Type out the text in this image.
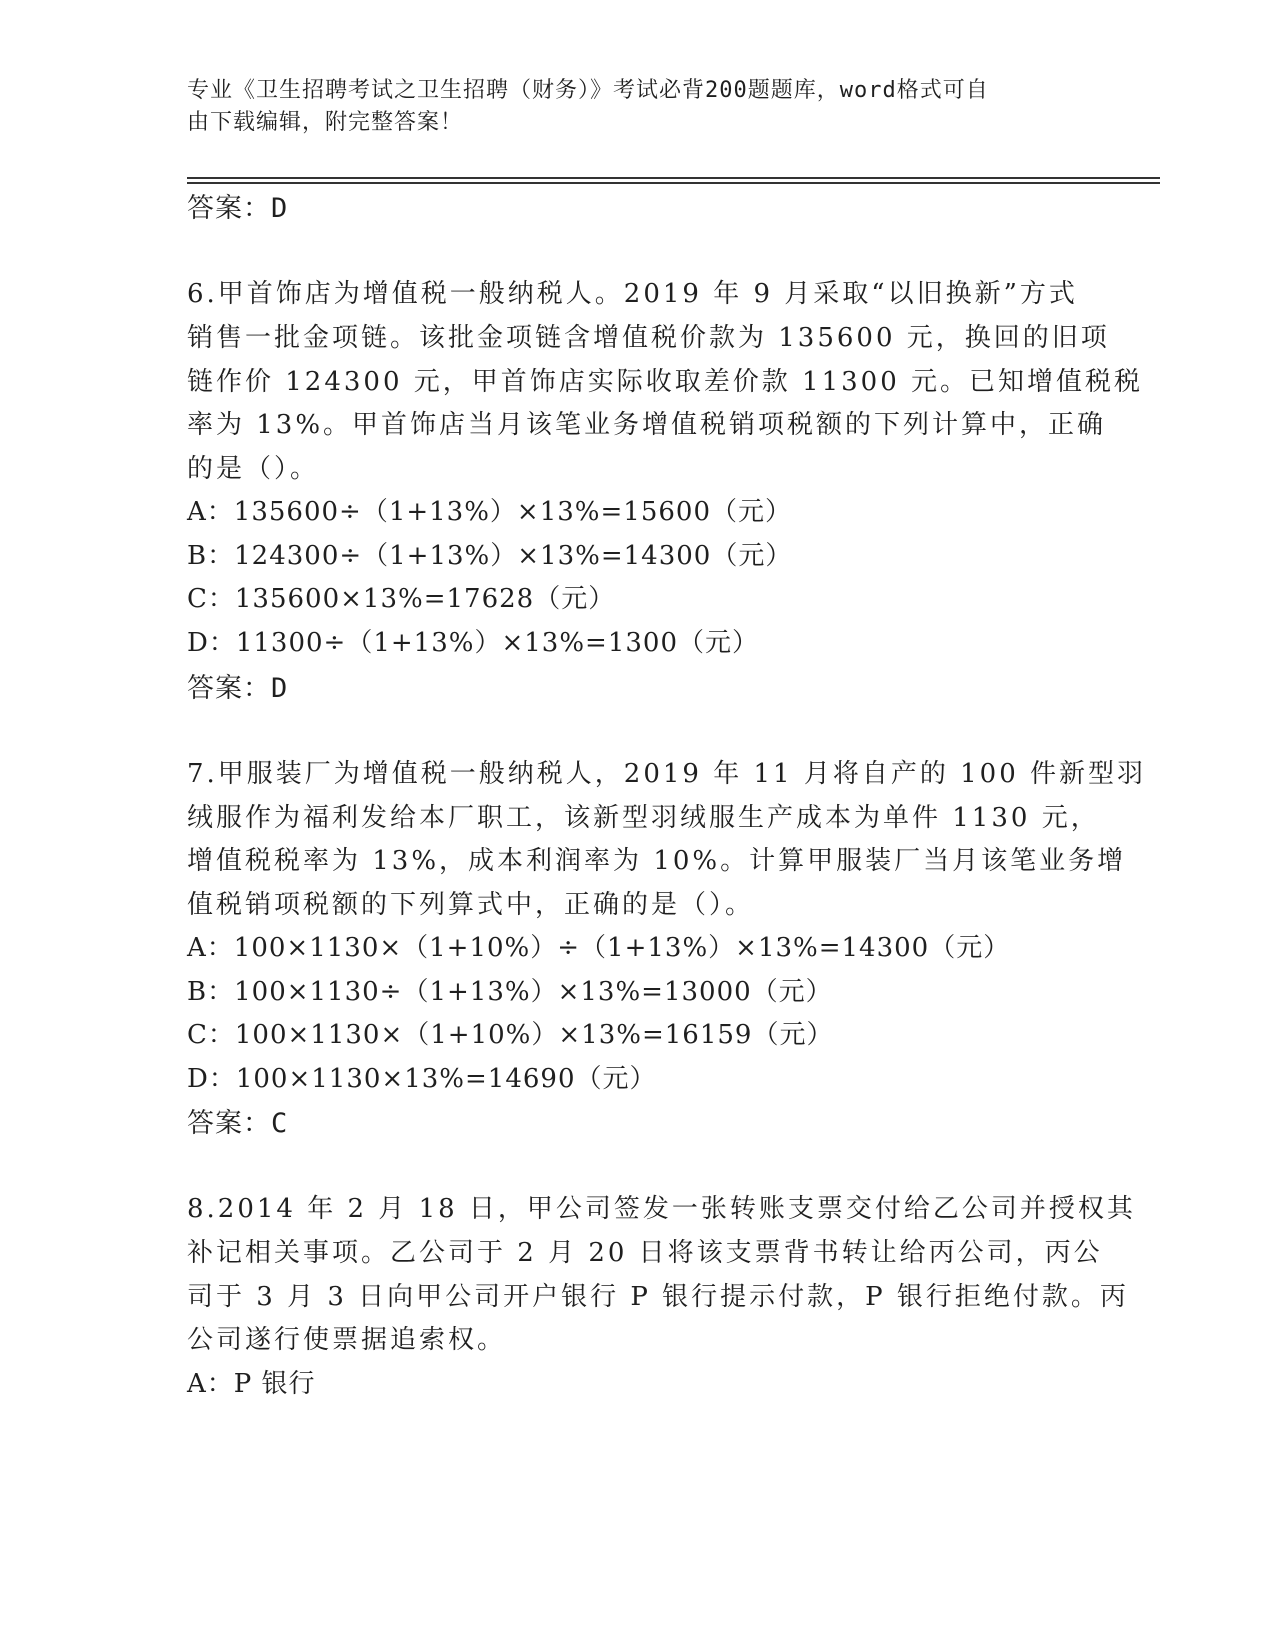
专业《卫生招聘考试之卫生招聘（财务）》考试必背200题题库，word格式可自
由下载编辑，附完整答案！
答案：D
6.甲首饰店为增值税一般纳税人。2019 年 9 月采取“以旧换新”方式
销售一批金项链。该批金项链含增值税价款为 135600 元，换回的旧项
链作价 124300 元，甲首饰店实际收取差价款 11300 元。已知增值税税
率为 13%。甲首饰店当月该笔业务增值税销项税额的下列计算中，正确
的是（）。
A：135600÷（1+13%）×13%=15600（元）
B：124300÷（1+13%）×13%=14300（元）
C：135600×13%=17628（元）
D：11300÷（1+13%）×13%=1300（元）
答案：D
7.甲服装厂为增值税一般纳税人，2019 年 11 月将自产的 100 件新型羽
绒服作为福利发给本厂职工，该新型羽绒服生产成本为单件 1130 元，
增值税税率为 13%，成本利润率为 10%。计算甲服装厂当月该笔业务增
值税销项税额的下列算式中，正确的是（）。
A：100×1130×（1+10%）÷（1+13%）×13%=14300（元）
B：100×1130÷（1+13%）×13%=13000（元）
C：100×1130×（1+10%）×13%=16159（元）
D：100×1130×13%=14690（元）
答案：C
8.2014 年 2 月 18 日，甲公司签发一张转账支票交付给乙公司并授权其
补记相关事项。乙公司于 2 月 20 日将该支票背书转让给丙公司，丙公
司于 3 月 3 日向甲公司开户银行 P 银行提示付款，P 银行拒绝付款。丙
公司遂行使票据追索权。
A：P 银行
